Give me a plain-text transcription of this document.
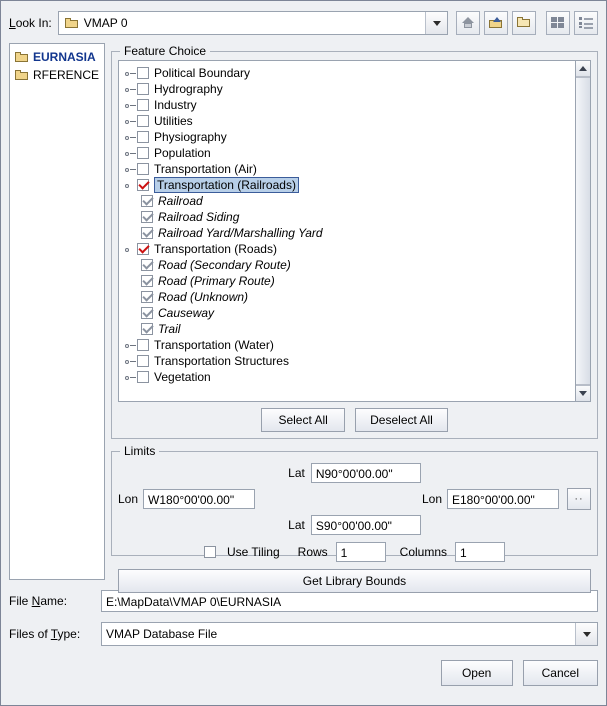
Look In:	VMAP 0
EURNASIA
RFERENCE
Feature Choice
Political Boundary
Hydrography
Industry
Utilities
Physiography
Population
Transportation (Air)
Transportation (Railroads)
Railroad
Railroad Siding
Railroad Yard/Marshalling Yard
Transportation (Roads)
Road (Secondary Route)
Road (Primary Route)
Road (Unknown)
Causeway
Trail
Transportation (Water)
Transportation Structures
Vegetation
Select All	Deselect All
Limits
Lat N90°00'00.00"
Lon W180°00'00.00"	Lon E180°00'00.00"	··
Lat S90°00'00.00"
Use Tiling Rows	1	Columns	1
Get Library Bounds
File Name:	E:\MapData\VMAP 0\EURNASIA
Files of Type:	VMAP Database File
Open	Cancel
